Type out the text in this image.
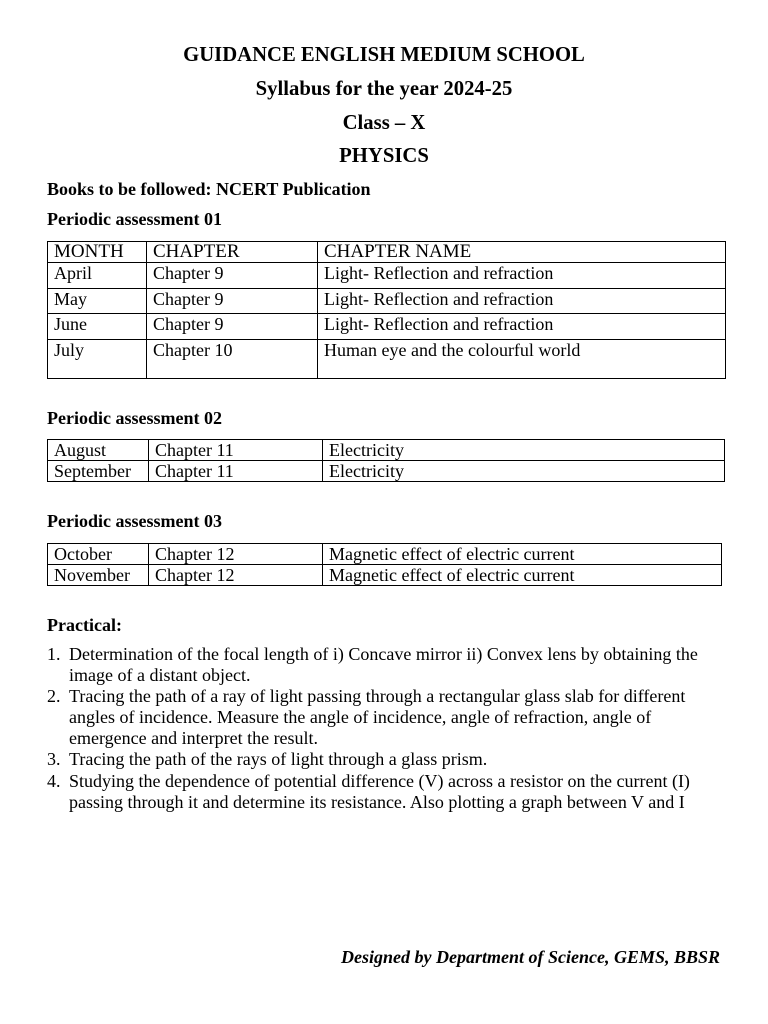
GUIDANCE ENGLISH MEDIUM SCHOOL
Syllabus for the year 2024-25
Class – X
PHYSICS
Books to be followed: NCERT Publication
Periodic assessment 01
MONTH	CHAPTER	CHAPTER NAME
April	Chapter 9	Light- Reflection and refraction
May	Chapter 9	Light- Reflection and refraction
June	Chapter 9	Light- Reflection and refraction
July	Chapter 10	Human eye and the colourful world
Periodic assessment 02
August	Chapter 11	Electricity
September	Chapter 11	Electricity
Periodic assessment 03
October	Chapter 12	Magnetic effect of electric current
November	Chapter 12	Magnetic effect of electric current
Practical:
1. Determination of the focal length of i) Concave mirror ii) Convex lens by obtaining the
image of a distant object.
2. Tracing the path of a ray of light passing through a rectangular glass slab for different
angles of incidence. Measure the angle of incidence, angle of refraction, angle of
emergence and interpret the result.
3. Tracing the path of the rays of light through a glass prism.
4. Studying the dependence of potential difference (V) across a resistor on the current (I)
passing through it and determine its resistance. Also plotting a graph between V and I
Designed by Department of Science, GEMS, BBSR
